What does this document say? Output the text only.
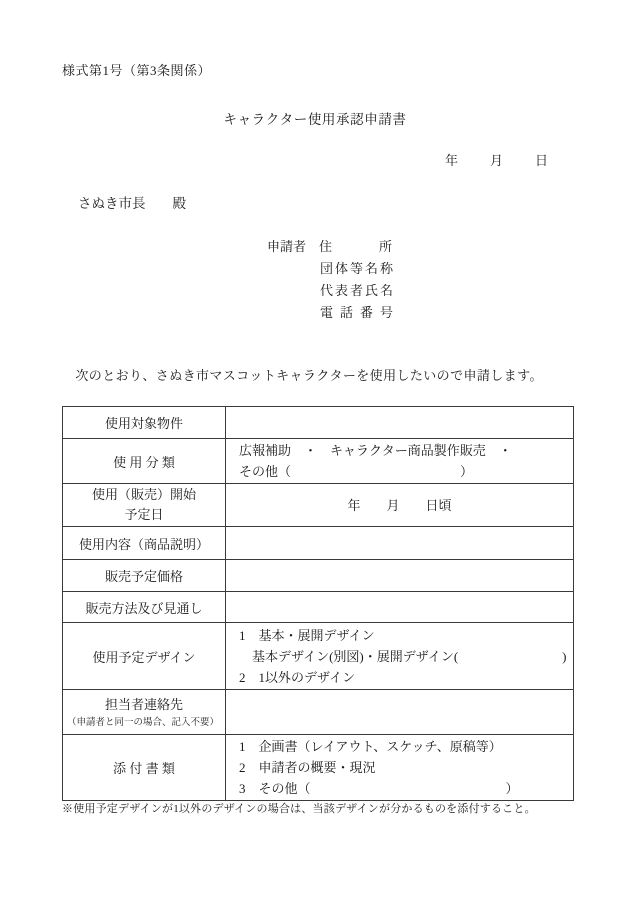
様式第1号（第3条関係）
キャラクター使用承認申請書
年　　月　　日
さぬき市長　　殿
申請者 住　　所
団体等名称
代表者氏名
電話番号
　次のとおり、さぬき市マスコットキャラクターを使用したいので申請します。
使用対象物件	
使 用 分 類	広報補助　・　キャラクター商品製作販売　・
その他（　　　　　　　　　　　　　）

使用（販売）開始
予定日	年　　月　　日頃

使用内容（商品説明）	
販売予定価格	
販売方法及び見通し	
使用予定デザイン	1　基本・展開デザイン
　基本デザイン(別図)・展開デザイン(　　　　　　　　)
2　1以外のデザイン

担当者連絡先
（申請者と同一の場合、記入不要）	

添 付 書 類	1　企画書（レイアウト、スケッチ、原稿等）
2　申請者の概要・現況
3　その他（　　　　　　　　　　　　　　　）
※使用予定デザインが1以外のデザインの場合は、当該デザインが分かるものを添付すること。
